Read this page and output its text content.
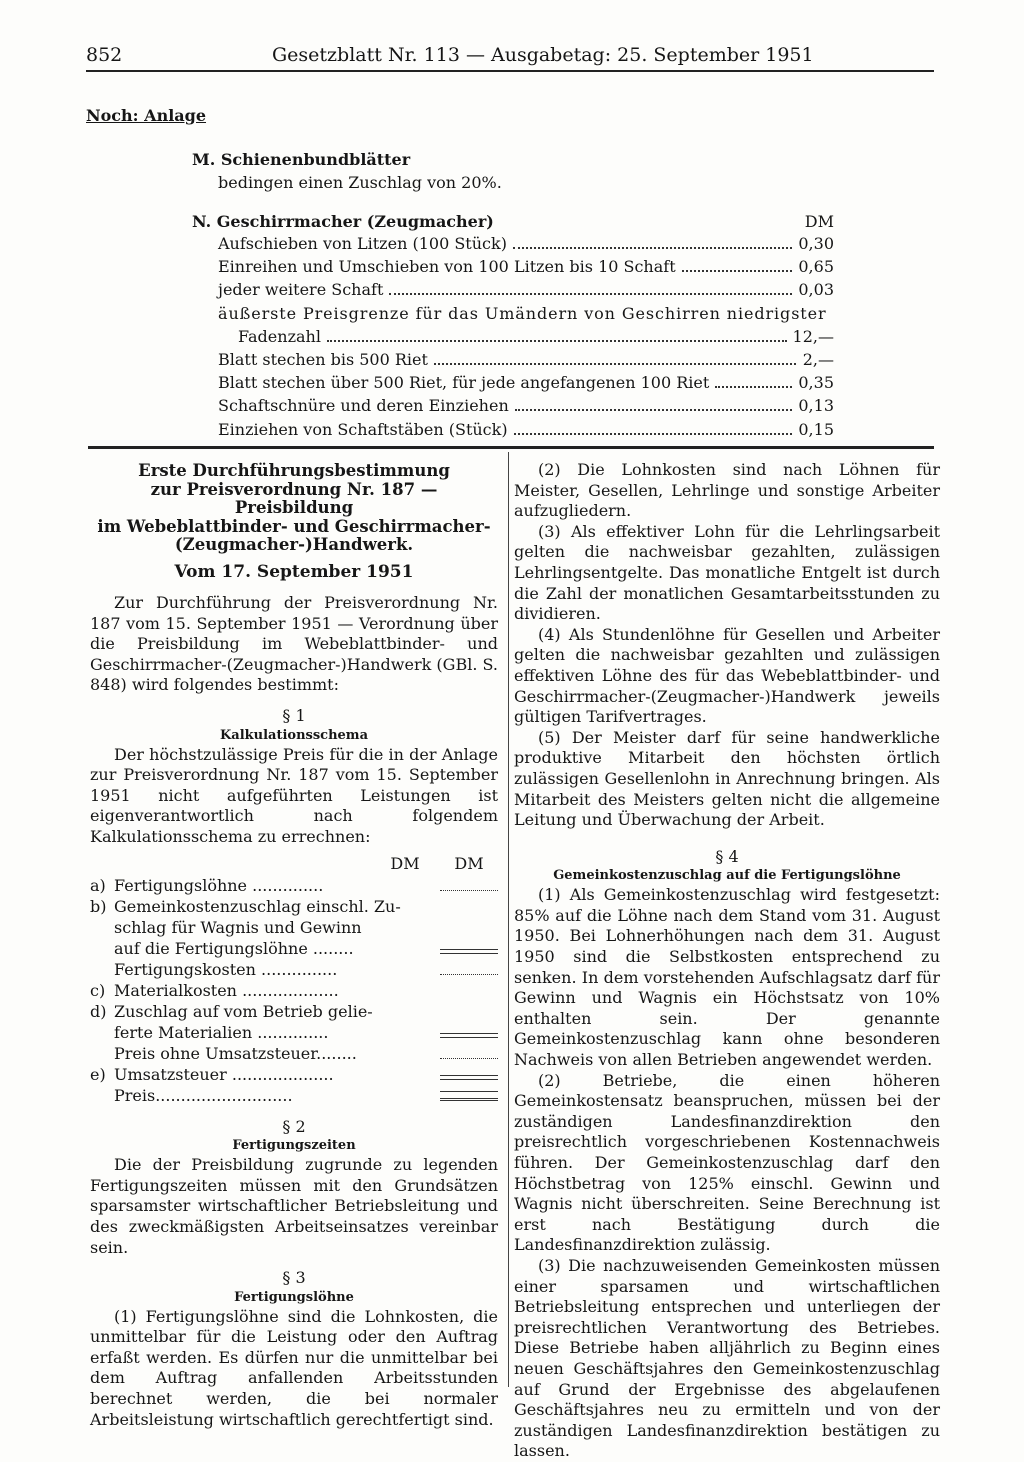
852	Gesetzblatt Nr. 113 — Ausgabetag: 25. September 1951
Noch: Anlage
M. Schienenbundblätter
bedingen einen Zuschlag von 20%.
N. Geschirrmacher (Zeugmacher)	DM
Aufschieben von Litzen (100 Stück)	0,30
Einreihen und Umschieben von 100 Litzen bis 10 Schaft	0,65
jeder weitere Schaft	0,03
äußerste Preisgrenze für das Umändern von Geschirren niedrigster
Fadenzahl	12,—
Blatt stechen bis 500 Riet	2,—
Blatt stechen über 500 Riet, für jede angefangenen 100 Riet	0,35
Schaftschnüre und deren Einziehen	0,13
Einziehen von Schaftstäben (Stück)	0,15
Erste Durchführungsbestimmung
zur Preisverordnung Nr. 187 — Preisbildung
im Webeblattbinder- und Geschirrmacher-
(Zeugmacher-)Handwerk.
Vom 17. September 1951

Zur Durchführung der Preisverordnung Nr. 187 vom 15. September 1951 — Verordnung über die Preisbildung im Webeblattbinder- und Geschirrmacher-(Zeugmacher-)Handwerk (GBl. S. 848) wird folgendes bestimmt:

§ 1

Kalkulationsschema

Der höchstzulässige Preis für die in der Anlage zur Preisverordnung Nr. 187 vom 15. September 1951 nicht aufgeführten Leistungen ist eigenverantwortlich nach folgendem Kalkulationsschema zu errechnen:

DM	DM
a) Fertigungslöhne ..............
b) Gemeinkostenzuschlag einschl. Zu-
schlag für Wagnis und Gewinn
auf die Fertigungslöhne ........
Fertigungskosten ...............
c) Materialkosten ...................
d) Zuschlag auf vom Betrieb gelie-
ferte Materialien ..............
Preis ohne Umsatzsteuer........
e) Umsatzsteuer ....................
Preis...........................

§ 2

Fertigungszeiten

Die der Preisbildung zugrunde zu legenden Fertigungszeiten müssen mit den Grundsätzen sparsamster wirtschaftlicher Betriebsleitung und des zweckmäßigsten Arbeitseinsatzes vereinbar sein.

§ 3

Fertigungslöhne

(1) Fertigungslöhne sind die Lohnkosten, die unmittelbar für die Leistung oder den Auftrag erfaßt werden. Es dürfen nur die unmittelbar bei dem Auftrag anfallenden Arbeitsstunden berechnet werden, die bei normaler Arbeitsleistung wirtschaftlich gerechtfertigt sind.

(2) Die Lohnkosten sind nach Löhnen für Meister, Gesellen, Lehrlinge und sonstige Arbeiter aufzugliedern.

(3) Als effektiver Lohn für die Lehrlingsarbeit gelten die nachweisbar gezahlten, zulässigen Lehrlingsentgelte. Das monatliche Entgelt ist durch die Zahl der monatlichen Gesamtarbeitsstunden zu dividieren.

(4) Als Stundenlöhne für Gesellen und Arbeiter gelten die nachweisbar gezahlten und zulässigen effektiven Löhne des für das Webeblattbinder- und Geschirrmacher-(Zeugmacher-)Handwerk jeweils gültigen Tarifvertrages.

(5) Der Meister darf für seine handwerkliche produktive Mitarbeit den höchsten örtlich zulässigen Gesellenlohn in Anrechnung bringen. Als Mitarbeit des Meisters gelten nicht die allgemeine Leitung und Überwachung der Arbeit.

§ 4

Gemeinkostenzuschlag auf die Fertigungslöhne

(1) Als Gemeinkostenzuschlag wird festgesetzt: 85% auf die Löhne nach dem Stand vom 31. August 1950. Bei Lohnerhöhungen nach dem 31. August 1950 sind die Selbstkosten entsprechend zu senken. In dem vorstehenden Aufschlagsatz darf für Gewinn und Wagnis ein Höchstsatz von 10% enthalten sein. Der genannte Gemeinkostenzuschlag kann ohne besonderen Nachweis von allen Betrieben angewendet werden.

(2) Betriebe, die einen höheren Gemeinkostensatz beanspruchen, müssen bei der zuständigen Landesfinanzdirektion den preisrechtlich vorgeschriebenen Kostennachweis führen. Der Gemeinkostenzuschlag darf den Höchstbetrag von 125% einschl. Gewinn und Wagnis nicht überschreiten. Seine Berechnung ist erst nach Bestätigung durch die Landesfinanzdirektion zulässig.

(3) Die nachzuweisenden Gemeinkosten müssen einer sparsamen und wirtschaftlichen Betriebsleitung entsprechen und unterliegen der preisrechtlichen Verantwortung des Betriebes. Diese Betriebe haben alljährlich zu Beginn eines neuen Geschäftsjahres den Gemeinkostenzuschlag auf Grund der Ergebnisse des abgelaufenen Geschäftsjahres neu zu ermitteln und von der zuständigen Landesfinanzdirektion bestätigen zu lassen.
